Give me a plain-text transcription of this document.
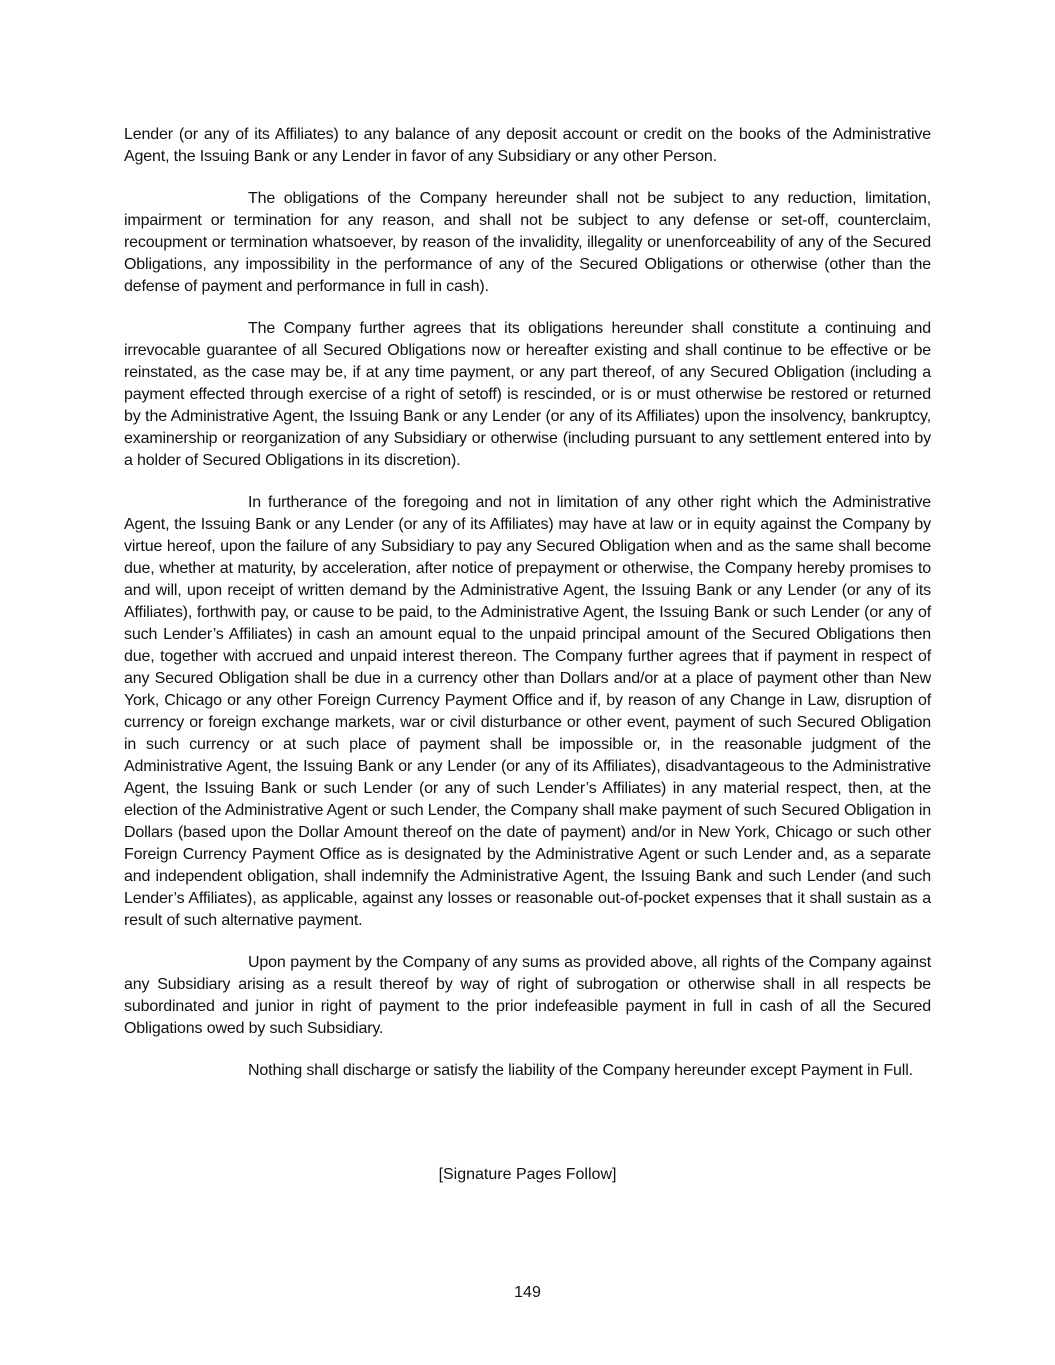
Lender (or any of its Affiliates) to any balance of any deposit account or credit on the books of the Administrative Agent, the Issuing Bank or any Lender in favor of any Subsidiary or any other Person.

The obligations of the Company hereunder shall not be subject to any reduction, limitation, impairment or termination for any reason, and shall not be subject to any defense or set-off, counterclaim, recoupment or termination whatsoever, by reason of the invalidity, illegality or unenforceability of any of the Secured Obligations, any impossibility in the performance of any of the Secured Obligations or otherwise (other than the defense of payment and performance in full in cash).

The Company further agrees that its obligations hereunder shall constitute a continuing and irrevocable guarantee of all Secured Obligations now or hereafter existing and shall continue to be effective or be reinstated, as the case may be, if at any time payment, or any part thereof, of any Secured Obligation (including a payment effected through exercise of a right of setoff) is rescinded, or is or must otherwise be restored or returned by the Administrative Agent, the Issuing Bank or any Lender (or any of its Affiliates) upon the insolvency, bankruptcy, examinership or reorganization of any Subsidiary or otherwise (including pursuant to any settlement entered into by a holder of Secured Obligations in its discretion).

In furtherance of the foregoing and not in limitation of any other right which the Administrative Agent, the Issuing Bank or any Lender (or any of its Affiliates) may have at law or in equity against the Company by virtue hereof, upon the failure of any Subsidiary to pay any Secured Obligation when and as the same shall become due, whether at maturity, by acceleration, after notice of prepayment or otherwise, the Company hereby promises to and will, upon receipt of written demand by the Administrative Agent, the Issuing Bank or any Lender (or any of its Affiliates), forthwith pay, or cause to be paid, to the Administrative Agent, the Issuing Bank or such Lender (or any of such Lender’s Affiliates) in cash an amount equal to the unpaid principal amount of the Secured Obligations then due, together with accrued and unpaid interest thereon. The Company further agrees that if payment in respect of any Secured Obligation shall be due in a currency other than Dollars and/or at a place of payment other than New York, Chicago or any other Foreign Currency Payment Office and if, by reason of any Change in Law, disruption of currency or foreign exchange markets, war or civil disturbance or other event, payment of such Secured Obligation in such currency or at such place of payment shall be impossible or, in the reasonable judgment of the Administrative Agent, the Issuing Bank or any Lender (or any of its Affiliates), disadvantageous to the Administrative Agent, the Issuing Bank or such Lender (or any of such Lender’s Affiliates) in any material respect, then, at the election of the Administrative Agent or such Lender, the Company shall make payment of such Secured Obligation in Dollars (based upon the Dollar Amount thereof on the date of payment) and/or in New York, Chicago or such other Foreign Currency Payment Office as is designated by the Administrative Agent or such Lender and, as a separate and independent obligation, shall indemnify the Administrative Agent, the Issuing Bank and such Lender (and such Lender’s Affiliates), as applicable, against any losses or reasonable out-of-pocket expenses that it shall sustain as a result of such alternative payment.

Upon payment by the Company of any sums as provided above, all rights of the Company against any Subsidiary arising as a result thereof by way of right of subrogation or otherwise shall in all respects be subordinated and junior in right of payment to the prior indefeasible payment in full in cash of all the Secured Obligations owed by such Subsidiary.

Nothing shall discharge or satisfy the liability of the Company hereunder except Payment in Full.

[Signature Pages Follow]
149
